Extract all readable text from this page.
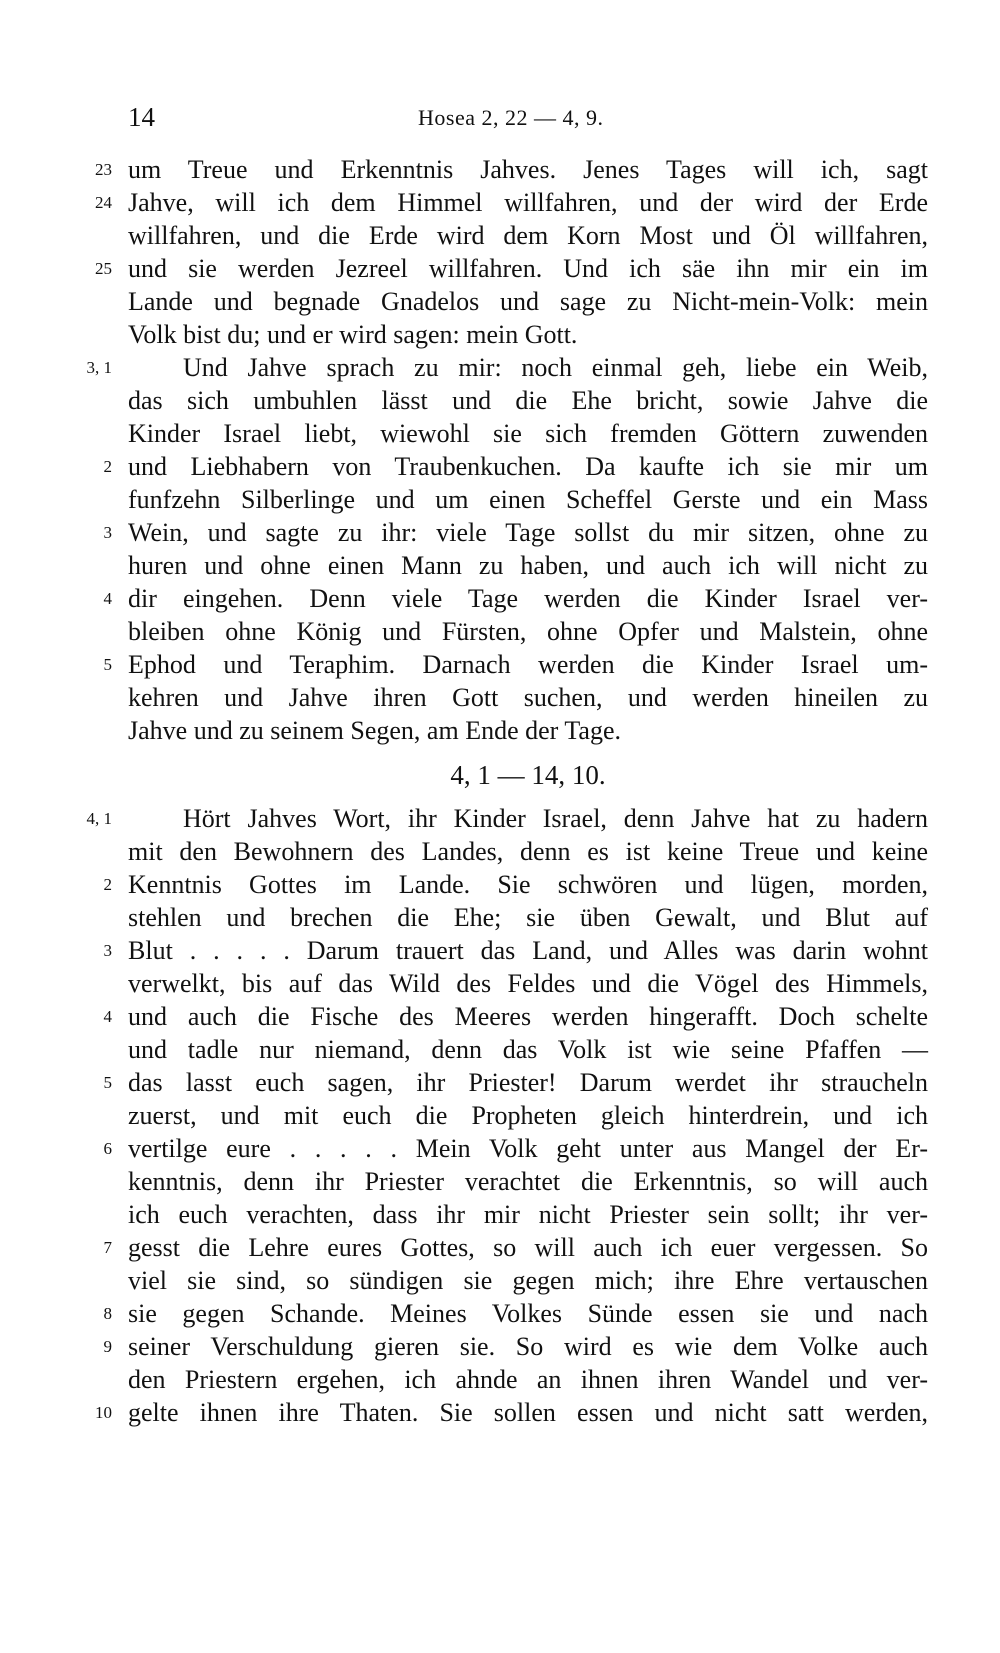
14	Hosea 2, 22 — 4, 9.
23 um Treue und Erkenntnis Jahves. Jenes Tages will ich, sagt
24 Jahve, will ich dem Himmel willfahren, und der wird der Erde
willfahren, und die Erde wird dem Korn Most und Öl willfahren,
25 und sie werden Jezreel willfahren. Und ich säe ihn mir ein im
Lande und begnade Gnadelos und sage zu Nicht-mein-Volk: mein
Volk bist du; und er wird sagen: mein Gott.
3, 1	Und Jahve sprach zu mir: noch einmal geh, liebe ein Weib,
das sich umbuhlen lässt und die Ehe bricht, sowie Jahve die
Kinder Israel liebt, wiewohl sie sich fremden Göttern zuwenden
2 und Liebhabern von Traubenkuchen. Da kaufte ich sie mir um
funfzehn Silberlinge und um einen Scheffel Gerste und ein Mass
3 Wein, und sagte zu ihr: viele Tage sollst du mir sitzen, ohne zu
huren und ohne einen Mann zu haben, und auch ich will nicht zu
4 dir eingehen. Denn viele Tage werden die Kinder Israel ver-
bleiben ohne König und Fürsten, ohne Opfer und Malstein, ohne
5 Ephod und Teraphim. Darnach werden die Kinder Israel um-
kehren und Jahve ihren Gott suchen, und werden hineilen zu
Jahve und zu seinem Segen, am Ende der Tage.
4, 1	Hört Jahves Wort, ihr Kinder Israel, denn Jahve hat zu hadern
mit den Bewohnern des Landes, denn es ist keine Treue und keine
2 Kenntnis Gottes im Lande. Sie schwören und lügen, morden,
stehlen und brechen die Ehe; sie üben Gewalt, und Blut auf
3 Blut . . . . . Darum trauert das Land, und Alles was darin wohnt
verwelkt, bis auf das Wild des Feldes und die Vögel des Himmels,
4 und auch die Fische des Meeres werden hingerafft. Doch schelte
und tadle nur niemand, denn das Volk ist wie seine Pfaffen —
5 das lasst euch sagen, ihr Priester! Darum werdet ihr straucheln
zuerst, und mit euch die Propheten gleich hinterdrein, und ich
6 vertilge eure . . . . . Mein Volk geht unter aus Mangel der Er-
kenntnis, denn ihr Priester verachtet die Erkenntnis, so will auch
ich euch verachten, dass ihr mir nicht Priester sein sollt; ihr ver-
7 gesst die Lehre eures Gottes, so will auch ich euer vergessen. So
viel sie sind, so sündigen sie gegen mich; ihre Ehre vertauschen
8 sie gegen Schande. Meines Volkes Sünde essen sie und nach
9 seiner Verschuldung gieren sie. So wird es wie dem Volke auch
den Priestern ergehen, ich ahnde an ihnen ihren Wandel und ver-
10 gelte ihnen ihre Thaten. Sie sollen essen und nicht satt werden,
4, 1 — 14, 10.
